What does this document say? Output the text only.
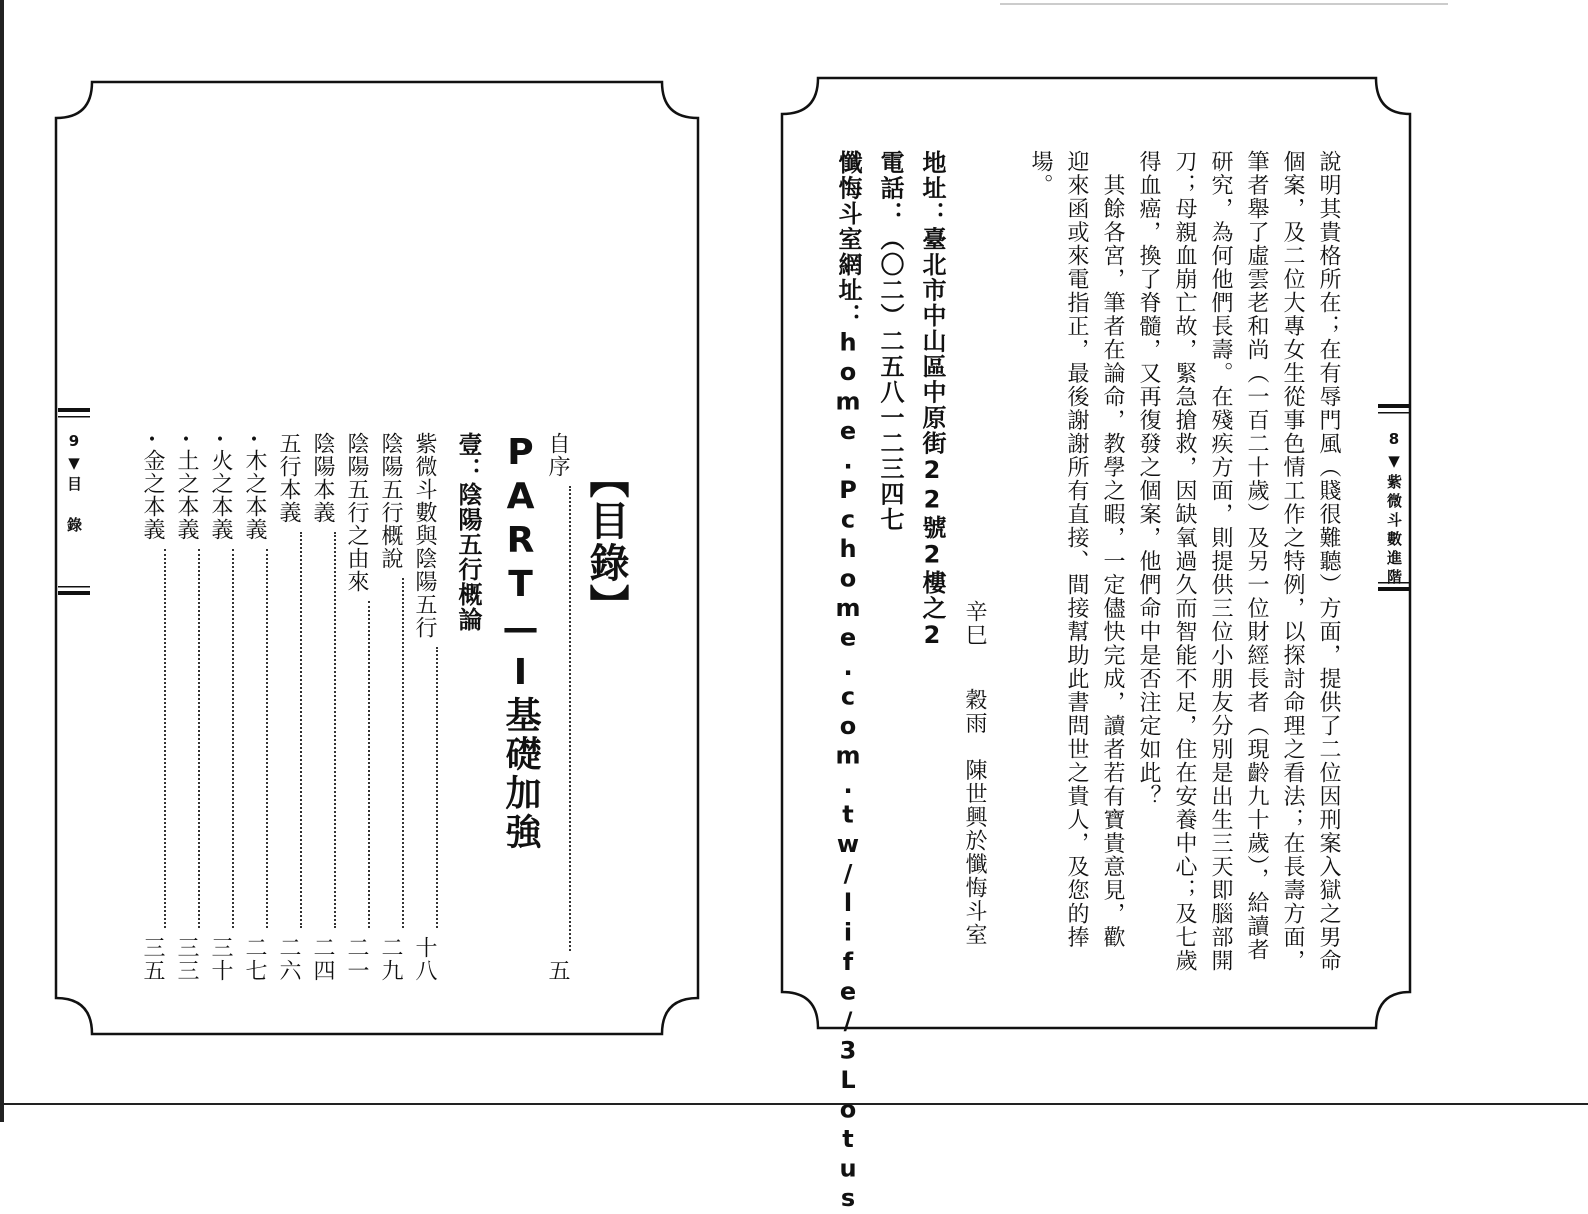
9▼目 錄	【目錄】
自序
五
PART—I基礎加強
壹：陰陽五行概論
紫微斗數與陰陽五行
十八
陰陽五行概說
二九
陰陽五行之由來
二一
陰陽本義
二四
五行本義
二六
•
木之本義
二七
•
火之本義
三十
•
土之本義
三三
•
金之本義
三五
8▼紫微斗數進階
說明其貴格所在；在有辱門風（賤很難聽）方面，提供了二位因刑案入獄之男命
個案，及二位大專女生從事色情工作之特例，以探討命理之看法；在長壽方面，
筆者舉了虛雲老和尚（一百二十歲）及另一位財經長者（現齡九十歲），給讀者
研究，為何他們長壽。在殘疾方面，則提供三位小朋友分別是出生三天即腦部開
刀；母親血崩亡故，緊急搶救，因缺氧過久而智能不足，住在安養中心；及七歲
得血癌，換了脊髓，又再復發之個案，他們命中是否注定如此？
　其餘各宮，筆者在論命，教學之暇，一定儘快完成，讀者若有寶貴意見，歡
迎來函或來電指正，最後謝謝所有直接、間接幫助此書問世之貴人，及您的捧
場。
辛巳
穀雨　陳世興於懺悔斗室
地址：臺北市中山區中原街22號2樓之2
電話：（〇二）二五八一二三四七
懺悔斗室網址：home.Pchome.com.tw/life/3Lotus
